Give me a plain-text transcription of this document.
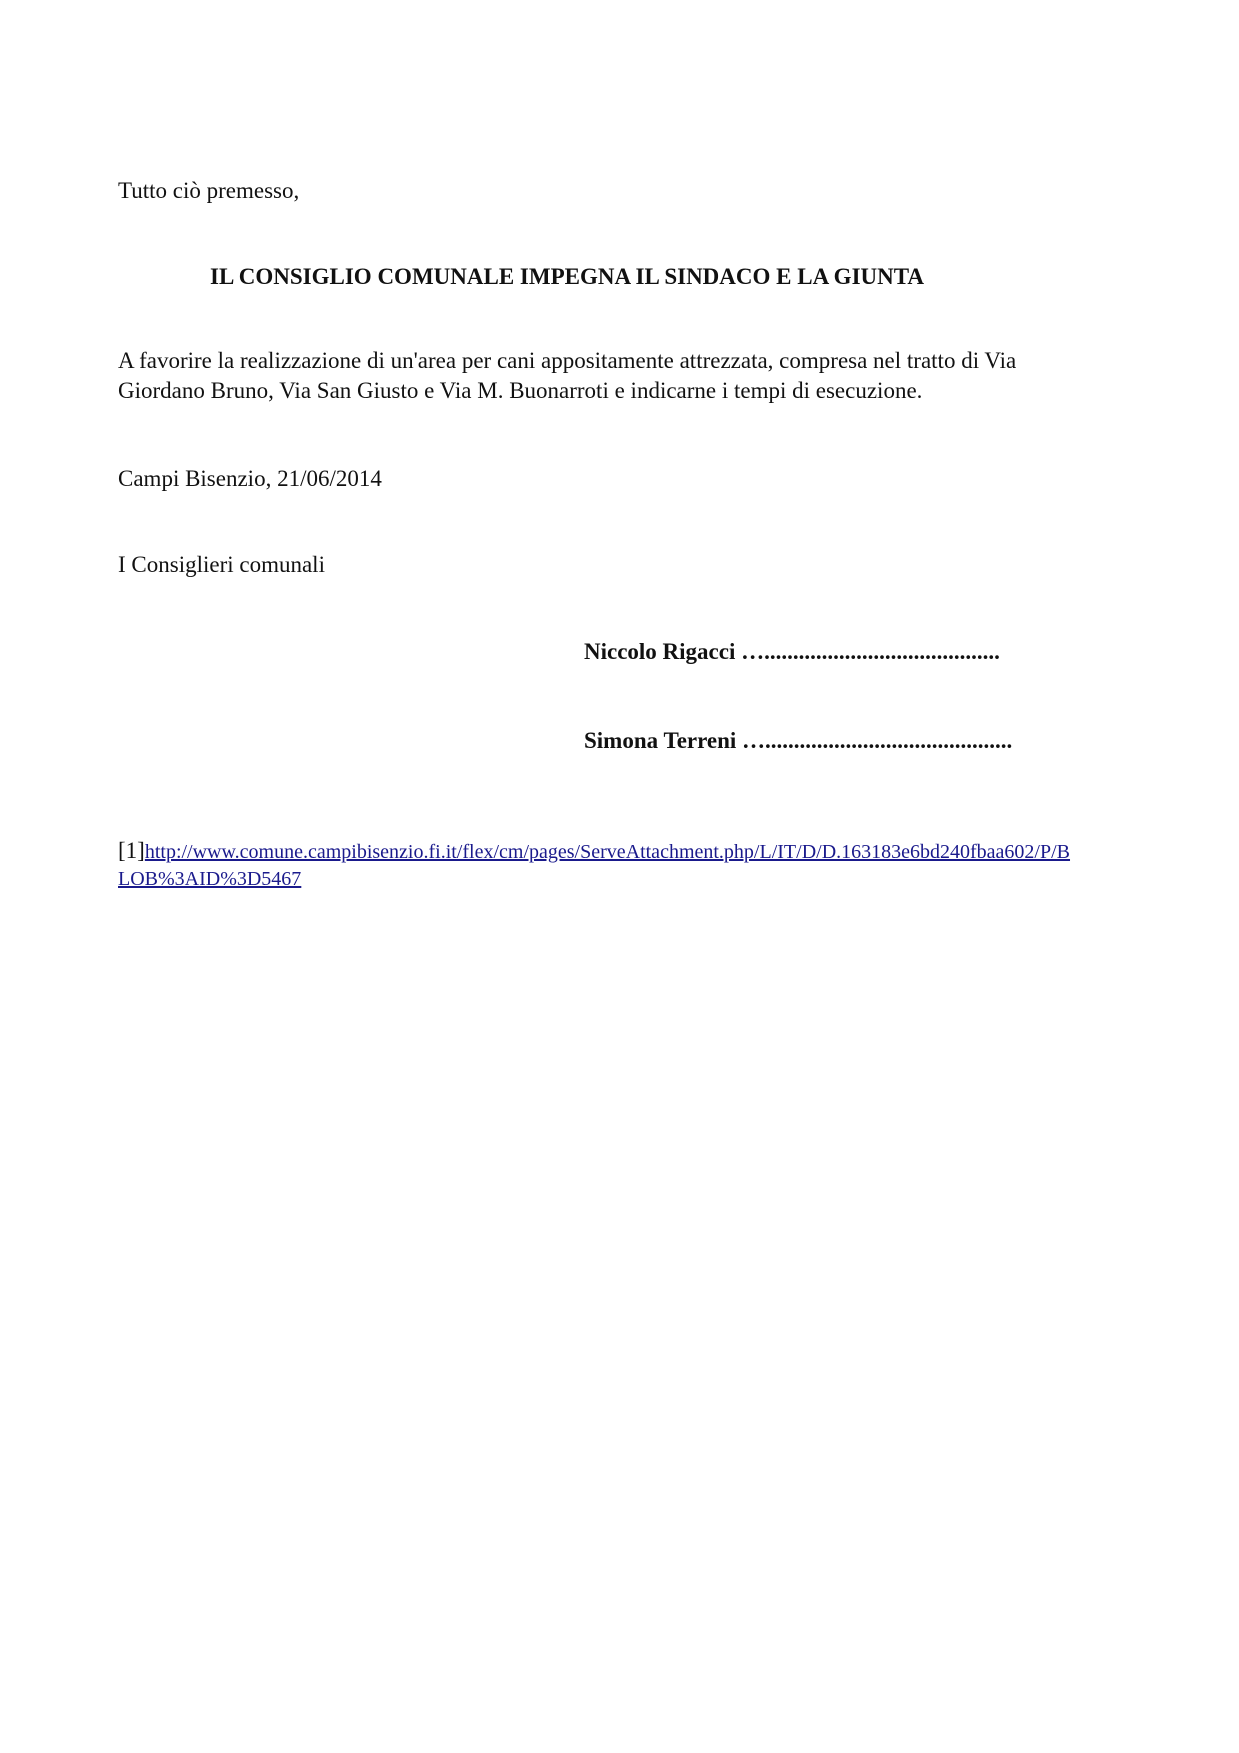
Tutto ciò premesso,

IL CONSIGLIO COMUNALE IMPEGNA IL SINDACO E LA GIUNTA

A favorire la realizzazione di un'area per cani appositamente attrezzata, compresa nel tratto di Via Giordano Bruno, Via San Giusto e Via M. Buonarroti e indicarne i tempi di esecuzione.

Campi Bisenzio, 21/06/2014

I Consiglieri comunali

Niccolo Rigacci ….........................................
Simona Terreni …...........................................
[1]http://www.comune.campibisenzio.fi.it/flex/cm/pages/ServeAttachment.php/L/IT/D/D.163183e6bd240fbaa602/P/B
LOB%3AID%3D5467
